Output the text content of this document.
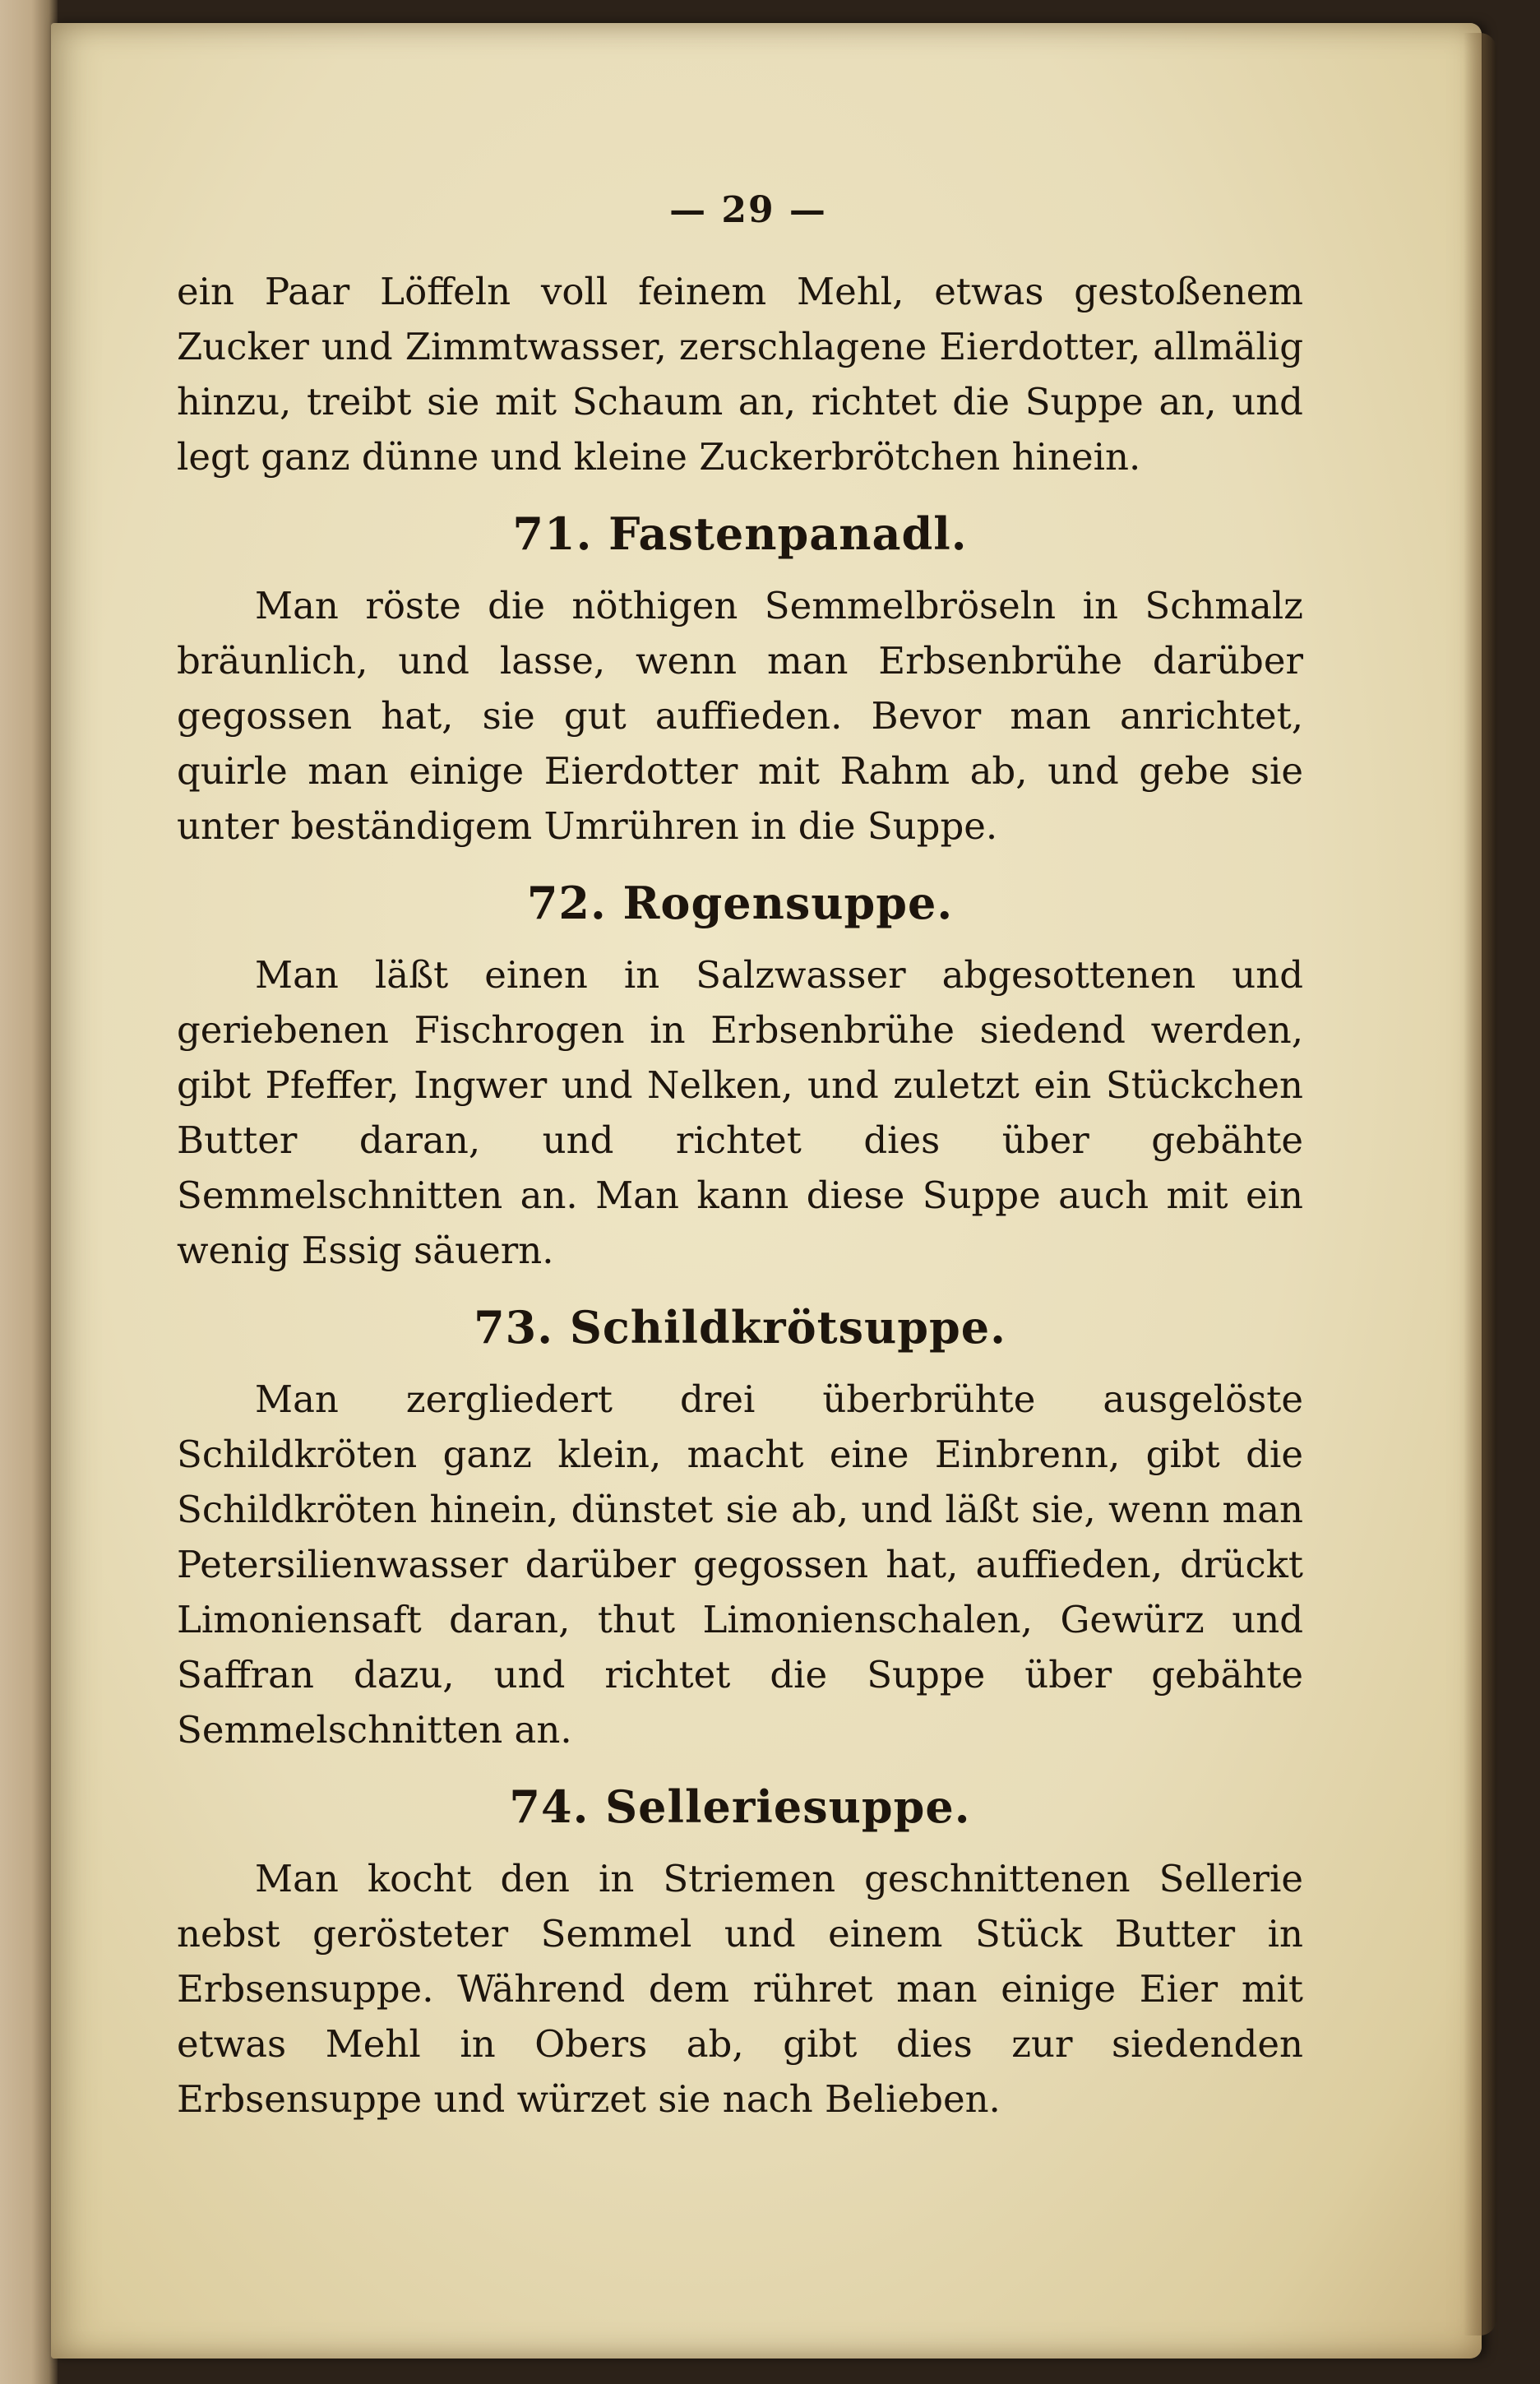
— 29 —

ein Paar Löffeln voll feinem Mehl, etwas gestoßenem Zucker und Zimmtwasser, zerschlagene Eierdotter, allmälig hinzu, treibt sie mit Schaum an, richtet die Suppe an, und legt ganz dünne und kleine Zuckerbrötchen hinein.

71. Fastenpanadl.

Man röste die nöthigen Semmelbröseln in Schmalz bräunlich, und lasse, wenn man Erbsenbrühe darüber gegossen hat, sie gut auffieden. Bevor man anrichtet, quirle man einige Eierdotter mit Rahm ab, und gebe sie unter beständigem Umrühren in die Suppe.

72. Rogensuppe.

Man läßt einen in Salzwasser abgesottenen und geriebenen Fischrogen in Erbsenbrühe siedend werden, gibt Pfeffer, Ingwer und Nelken, und zuletzt ein Stückchen Butter daran, und richtet dies über gebähte Semmelschnitten an. Man kann diese Suppe auch mit ein wenig Essig säuern.

73. Schildkrötsuppe.

Man zergliedert drei überbrühte ausgelöste Schildkröten ganz klein, macht eine Einbrenn, gibt die Schildkröten hinein, dünstet sie ab, und läßt sie, wenn man Petersilienwasser darüber gegossen hat, auffieden, drückt Limoniensaft daran, thut Limonienschalen, Gewürz und Saffran dazu, und richtet die Suppe über gebähte Semmelschnitten an.

74. Selleriesuppe.

Man kocht den in Striemen geschnittenen Sellerie nebst gerösteter Semmel und einem Stück Butter in Erbsensuppe. Während dem rühret man einige Eier mit etwas Mehl in Obers ab, gibt dies zur siedenden Erbsensuppe und würzet sie nach Belieben.
